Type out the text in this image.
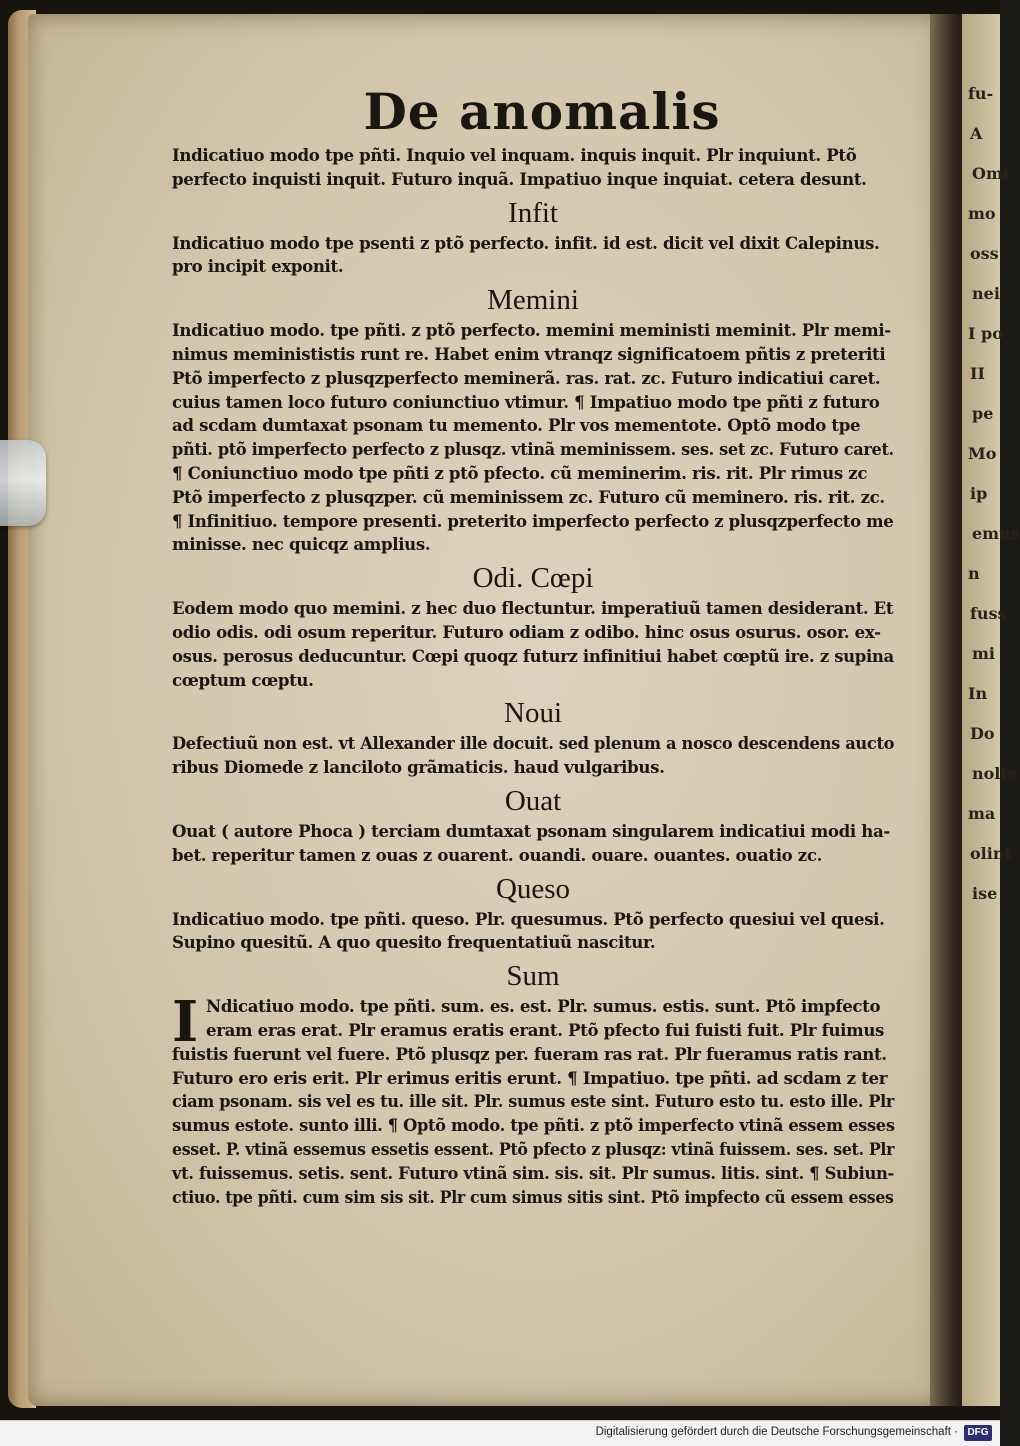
fu-
A
Omi
mo
oss
nei
I po
II
pe
Mo
ip
emus
n
fuss
mi
In
Do
nolle
ma
olint
ise
De anomalis

Indicatiuo modo tpe pñti. Inquio vel inquam. inquis inquit. Plr inquiunt. Ptõ

perfecto inquisti inquit. Futuro inquã. Impatiuo inque inquiat. cetera desunt.

Infit

Indicatiuo modo tpe psenti z ptõ perfecto. infit. id est. dicit vel dixit Calepinus.

pro incipit exponit.

Memini

Indicatiuo modo. tpe pñti. z ptõ perfecto. memini meministi meminit. Plr memi-

nimus meminististis runt re. Habet enim vtranqz significatoem pñtis z preteriti

Ptõ imperfecto z plusqzperfecto meminerã. ras. rat. zc. Futuro indicatiui caret.

cuius tamen loco futuro coniunctiuo vtimur. ¶ Impatiuo modo tpe pñti z futuro

ad scdam dumtaxat psonam tu memento. Plr vos mementote. Optõ modo tpe

pñti. ptõ imperfecto perfecto z plusqz. vtinã meminissem. ses. set zc. Futuro caret.

¶ Coniunctiuo modo tpe pñti z ptõ pfecto. cũ meminerim. ris. rit. Plr rimus zc

Ptõ imperfecto z plusqzper. cũ meminissem zc. Futuro cũ meminero. ris. rit. zc.

¶ Infinitiuo. tempore presenti. preterito imperfecto perfecto z plusqzperfecto me

minisse. nec quicqz amplius.

Odi. Cœpi

Eodem modo quo memini. z hec duo flectuntur. imperatiuũ tamen desiderant. Et

odio odis. odi osum reperitur. Futuro odiam z odibo. hinc osus osurus. osor. ex-

osus. perosus deducuntur. Cœpi quoqz futurz infinitiui habet cœptũ ire. z supina

cœptum cœptu.

Noui

Defectiuũ non est. vt Allexander ille docuit. sed plenum a nosco descendens aucto

ribus Diomede z lanciloto grãmaticis. haud vulgaribus.

Ouat

Ouat ( autore Phoca ) terciam dumtaxat psonam singularem indicatiui modi ha-

bet. reperitur tamen z ouas z ouarent. ouandi. ouare. ouantes. ouatio zc.

Queso

Indicatiuo modo. tpe pñti. queso. Plr. quesumus. Ptõ perfecto quesiui vel quesi.

Supino quesitũ. A quo quesito frequentatiuũ nascitur.

Sum
I Ndicatiuo modo. tpe pñti. sum. es. est. Plr. sumus. estis. sunt. Ptõ impfecto

eram eras erat. Plr eramus eratis erant. Ptõ pfecto fui fuisti fuit. Plr fuimus

fuistis fuerunt vel fuere. Ptõ plusqz per. fueram ras rat. Plr fueramus ratis rant.

Futuro ero eris erit. Plr erimus eritis erunt. ¶ Impatiuo. tpe pñti. ad scdam z ter

ciam psonam. sis vel es tu. ille sit. Plr. sumus este sint. Futuro esto tu. esto ille. Plr

sumus estote. sunto illi. ¶ Optõ modo. tpe pñti. z ptõ imperfecto vtinã essem esses

esset. P. vtinã essemus essetis essent. Ptõ pfecto z plusqz: vtinã fuissem. ses. set. Plr

vt. fuissemus. setis. sent. Futuro vtinã sim. sis. sit. Plr sumus. litis. sint. ¶ Subiun-

ctiuo. tpe pñti. cum sim sis sit. Plr cum simus sitis sint. Ptõ impfecto cũ essem esses

Digitalisierung gefördert durch die Deutsche Forschungsgemeinschaft · DFG
